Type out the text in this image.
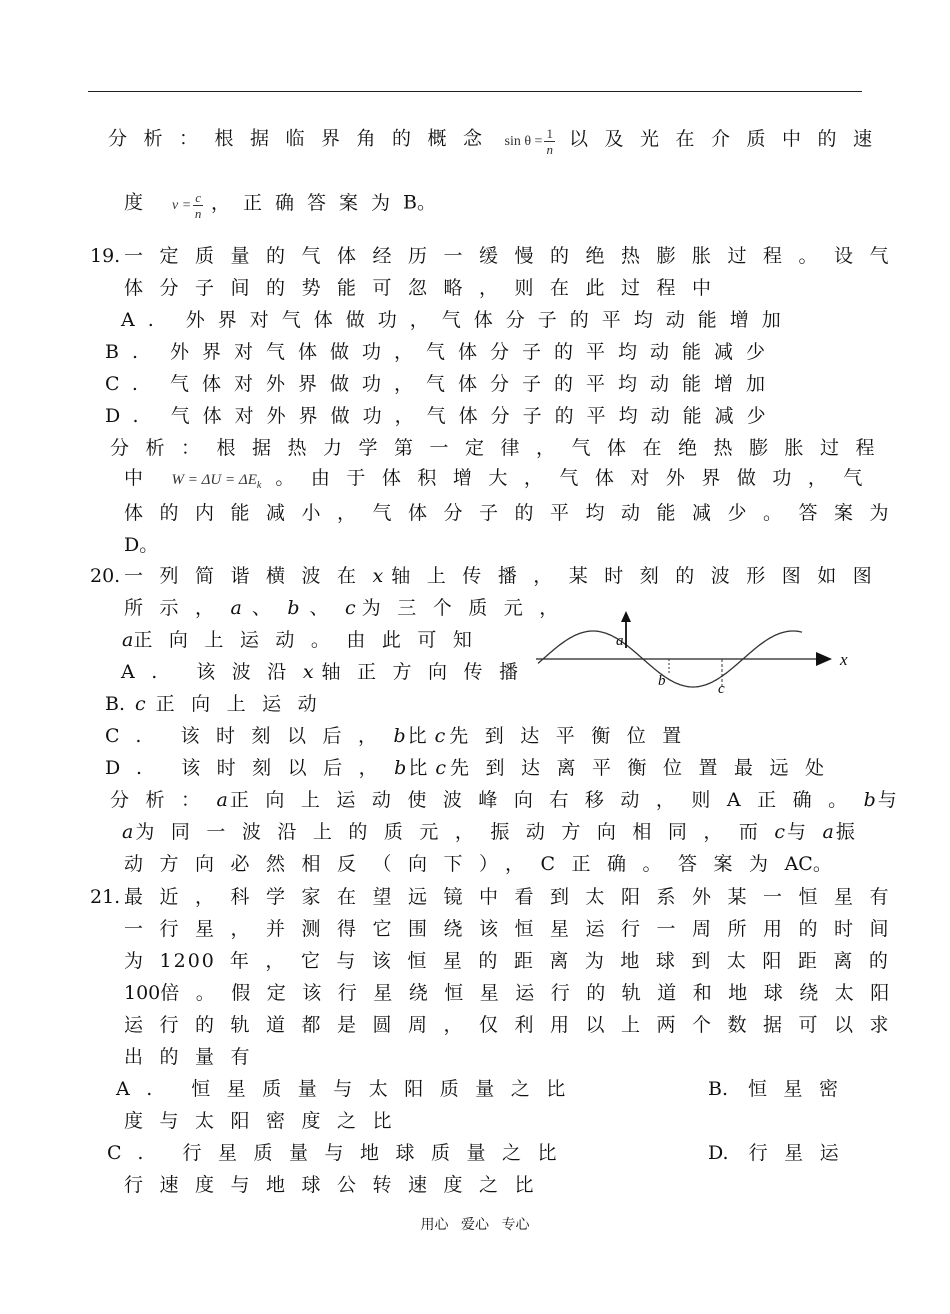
分析：根据临界角的概念 $\sin \theta = \frac{1}{n}$ 以及光在介质中的速
度 $v = \frac{c}{n}$ ，正确答案为B。
19. 一定质量的气体经历一缓慢的绝热膨胀过程。设气
体分子间的势能可忽略，则在此过程中
A. 外界对气体做功，气体分子的平均动能增加
B. 外界对气体做功，气体分子的平均动能减少
C. 气体对外界做功，气体分子的平均动能增加
D. 气体对外界做功，气体分子的平均动能减少
分析：根据热力学第一定律，气体在绝热膨胀过程
中 $W = \Delta U = \Delta E_k$ 。由于体积增大，气体对外界做功，气
体的内能减小，气体分子的平均动能减少。答案为
D。
20. 一列简谐横波在x 轴上传播，某时刻的波形图如图
所示，a 、b 、c 为三个质元，
a正向上运动。由此可知
A. 该波沿x 轴正方向传播
B. c 正向上运动
C. 该时刻以后，b 比 c 先到达平衡位置
D. 该时刻以后，b 比 c 先到达离平衡位置最远处
分析：a 正向上运动使波峰向右移动，则A正确。b 与
a 为同一波沿上的质元，振动方向相同，而c 与a 振
动方向必然相反（向下），C正确。答案为AC。
x
a
b	c
21. 最近，科学家在望远镜中看到太阳系外某一恒星有
一行星，并测得它围绕该恒星运行一周所用的时间
为1200 年，它与该恒星的距离为地球到太阳距离的
100倍。假定该行星绕恒星运行的轨道和地球绕太阳
运行的轨道都是圆周，仅利用以上两个数据可以求
出的量有
A. 恒星质量与太阳质量之比	B. 恒星密
度与太阳密度之比
C. 行星质量与地球质量之比	D. 行星运
行速度与地球公转速度之比
用心 爱心 专心
